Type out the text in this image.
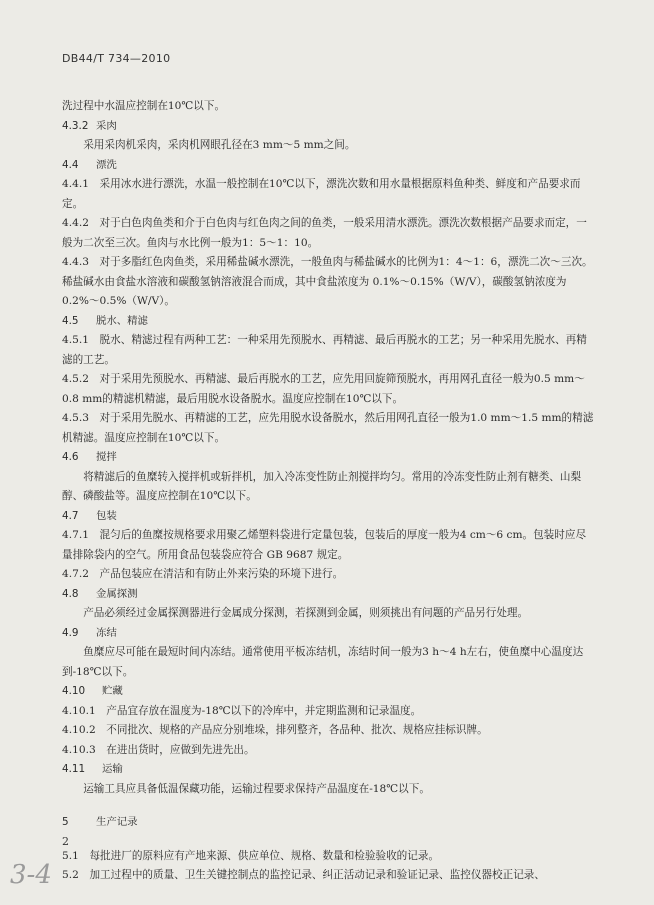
DB44/T 734—2010

洗过程中水温应控制在10℃以下。

4.3.2 采肉

采用采肉机采肉，采肉机网眼孔径在3 mm～5 mm之间。

4.4 漂洗

4.4.1　采用冰水进行漂洗，水温一般控制在10℃以下，漂洗次数和用水量根据原料鱼种类、鲜度和产品要求而定。

4.4.2　对于白色肉鱼类和介于白色肉与红色肉之间的鱼类，一般采用清水漂洗。漂洗次数根据产品要求而定，一般为二次至三次。鱼肉与水比例一般为1：5～1：10。

4.4.3　对于多脂红色肉鱼类，采用稀盐碱水漂洗，一般鱼肉与稀盐碱水的比例为1：4～1：6，漂洗二次～三次。稀盐碱水由食盐水溶液和碳酸氢钠溶液混合而成，其中食盐浓度为 0.1%～0.15%（W/V），碳酸氢钠浓度为 0.2%～0.5%（W/V）。

4.5 脱水、精滤

4.5.1　脱水、精滤过程有两种工艺：一种采用先预脱水、再精滤、最后再脱水的工艺；另一种采用先脱水、再精滤的工艺。

4.5.2　对于采用先预脱水、再精滤、最后再脱水的工艺，应先用回旋筛预脱水，再用网孔直径一般为0.5 mm～0.8 mm的精滤机精滤，最后用脱水设备脱水。温度应控制在10℃以下。

4.5.3　对于采用先脱水、再精滤的工艺，应先用脱水设备脱水，然后用网孔直径一般为1.0 mm～1.5 mm的精滤机精滤。温度应控制在10℃以下。

4.6 搅拌

将精滤后的鱼糜转入搅拌机或斩拌机，加入冷冻变性防止剂搅拌均匀。常用的冷冻变性防止剂有糖类、山梨醇、磷酸盐等。温度应控制在10℃以下。

4.7 包装

4.7.1　混匀后的鱼糜按规格要求用聚乙烯塑料袋进行定量包装，包装后的厚度一般为4 cm～6 cm。包装时应尽量排除袋内的空气。所用食品包装袋应符合 GB 9687 规定。

4.7.2　产品包装应在清洁和有防止外来污染的环境下进行。

4.8 金属探测

产品必须经过金属探测器进行金属成分探测，若探测到金属，则须挑出有问题的产品另行处理。

4.9 冻结

鱼糜应尽可能在最短时间内冻结。通常使用平板冻结机，冻结时间一般为3 h～4 h左右，使鱼糜中心温度达到-18℃以下。

4.10 贮藏

4.10.1　产品宜存放在温度为-18℃以下的冷库中，并定期监测和记录温度。

4.10.2　不同批次、规格的产品应分别堆垛，排列整齐，各品种、批次、规格应挂标识牌。

4.10.3　在进出货时，应做到先进先出。

4.11 运输

运输工具应具备低温保藏功能，运输过程要求保持产品温度在-18℃以下。

5	生产记录

5.1　每批进厂的原料应有产地来源、供应单位、规格、数量和检验验收的记录。

5.2　加工过程中的质量、卫生关键控制点的监控记录、纠正活动记录和验证记录、监控仪器校正记录、

2
3-4
